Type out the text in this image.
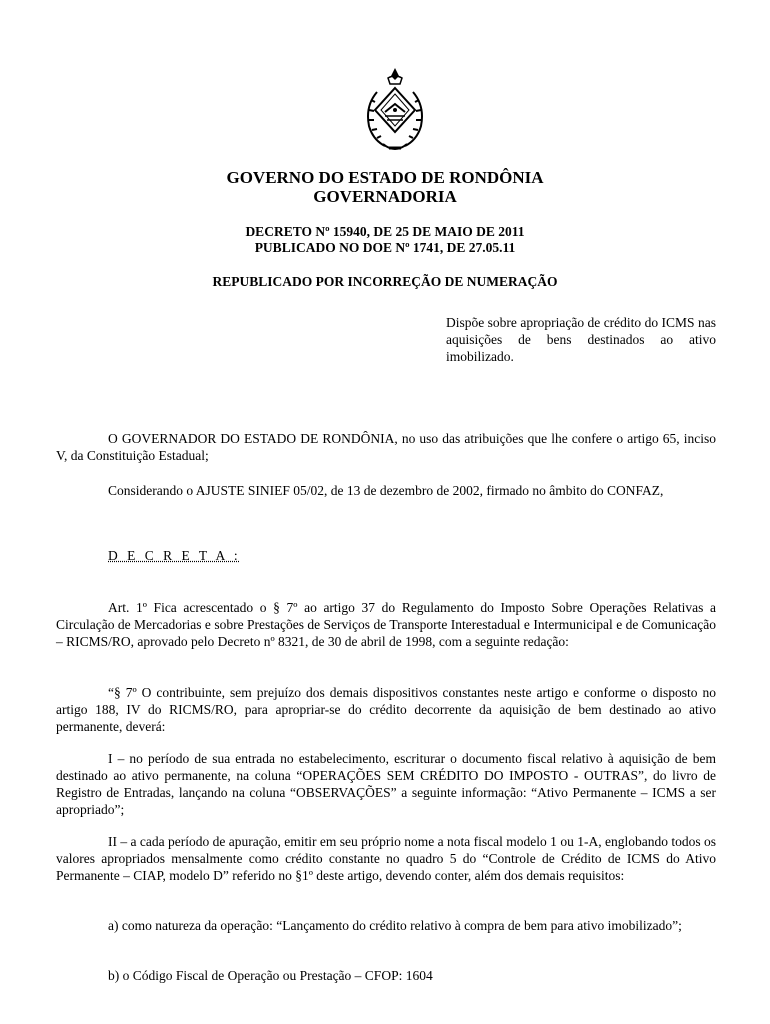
GOVERNO DO ESTADO DE RONDÔNIA
GOVERNADORIA
DECRETO Nº 15940, DE 25 DE MAIO DE 2011
PUBLICADO NO DOE Nº 1741, DE 27.05.11
REPUBLICADO POR INCORREÇÃO DE NUMERAÇÃO
Dispõe sobre apropriação de crédito do ICMS nas aquisições de bens destinados ao ativo imobilizado.

O GOVERNADOR DO ESTADO DE RONDÔNIA, no uso das atribuições que lhe confere o artigo 65, inciso V, da Constituição Estadual;

Considerando o AJUSTE SINIEF 05/02, de 13 de dezembro de 2002, firmado no âmbito do CONFAZ,

D E C R E T A :

Art. 1º Fica acrescentado o § 7º ao artigo 37 do Regulamento do Imposto Sobre Operações Relativas a Circulação de Mercadorias e sobre Prestações de Serviços de Transporte Interestadual e Intermunicipal e de Comunicação – RICMS/RO, aprovado pelo Decreto nº 8321, de 30 de abril de 1998, com a seguinte redação:

“§ 7º O contribuinte, sem prejuízo dos demais dispositivos constantes neste artigo e conforme o disposto no artigo 188, IV do RICMS/RO, para apropriar-se do crédito decorrente da aquisição de bem destinado ao ativo permanente, deverá:

I – no período de sua entrada no estabelecimento, escriturar o documento fiscal relativo à aquisição de bem destinado ao ativo permanente, na coluna “OPERAÇÕES SEM CRÉDITO DO IMPOSTO - OUTRAS”, do livro de Registro de Entradas, lançando na coluna “OBSERVAÇÕES” a seguinte informação: “Ativo Permanente – ICMS a ser apropriado”;

II – a cada período de apuração, emitir em seu próprio nome a nota fiscal modelo 1 ou 1-A, englobando todos os valores apropriados mensalmente como crédito constante no quadro 5 do “Controle de Crédito de ICMS do Ativo Permanente – CIAP, modelo D” referido no §1º deste artigo, devendo conter, além dos demais requisitos:

a) como natureza da operação: “Lançamento do crédito relativo à compra de bem para ativo imobilizado”;

b) o Código Fiscal de Operação ou Prestação – CFOP: 1604
